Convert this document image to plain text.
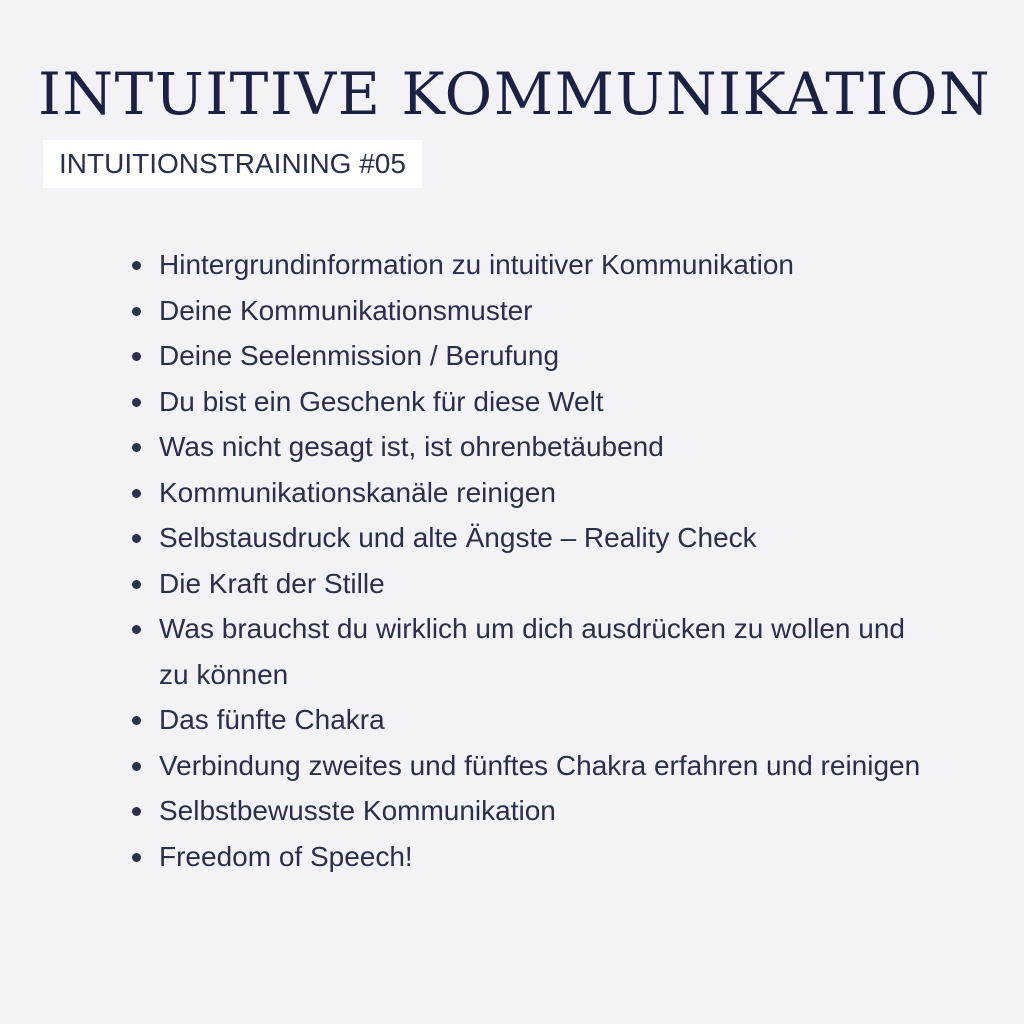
INTUITIVE KOMMUNIKATION
INTUITIONSTRAINING #05
Hintergrundinformation zu intuitiver Kommunikation
Deine Kommunikationsmuster
Deine Seelenmission / Berufung
Du bist ein Geschenk für diese Welt
Was nicht gesagt ist, ist ohrenbetäubend
Kommunikationskanäle reinigen
Selbstausdruck und alte Ängste – Reality Check
Die Kraft der Stille
Was brauchst du wirklich um dich ausdrücken zu wollen und zu können
Das fünfte Chakra
Verbindung zweites und fünftes Chakra erfahren und reinigen
Selbstbewusste Kommunikation
Freedom of Speech!
